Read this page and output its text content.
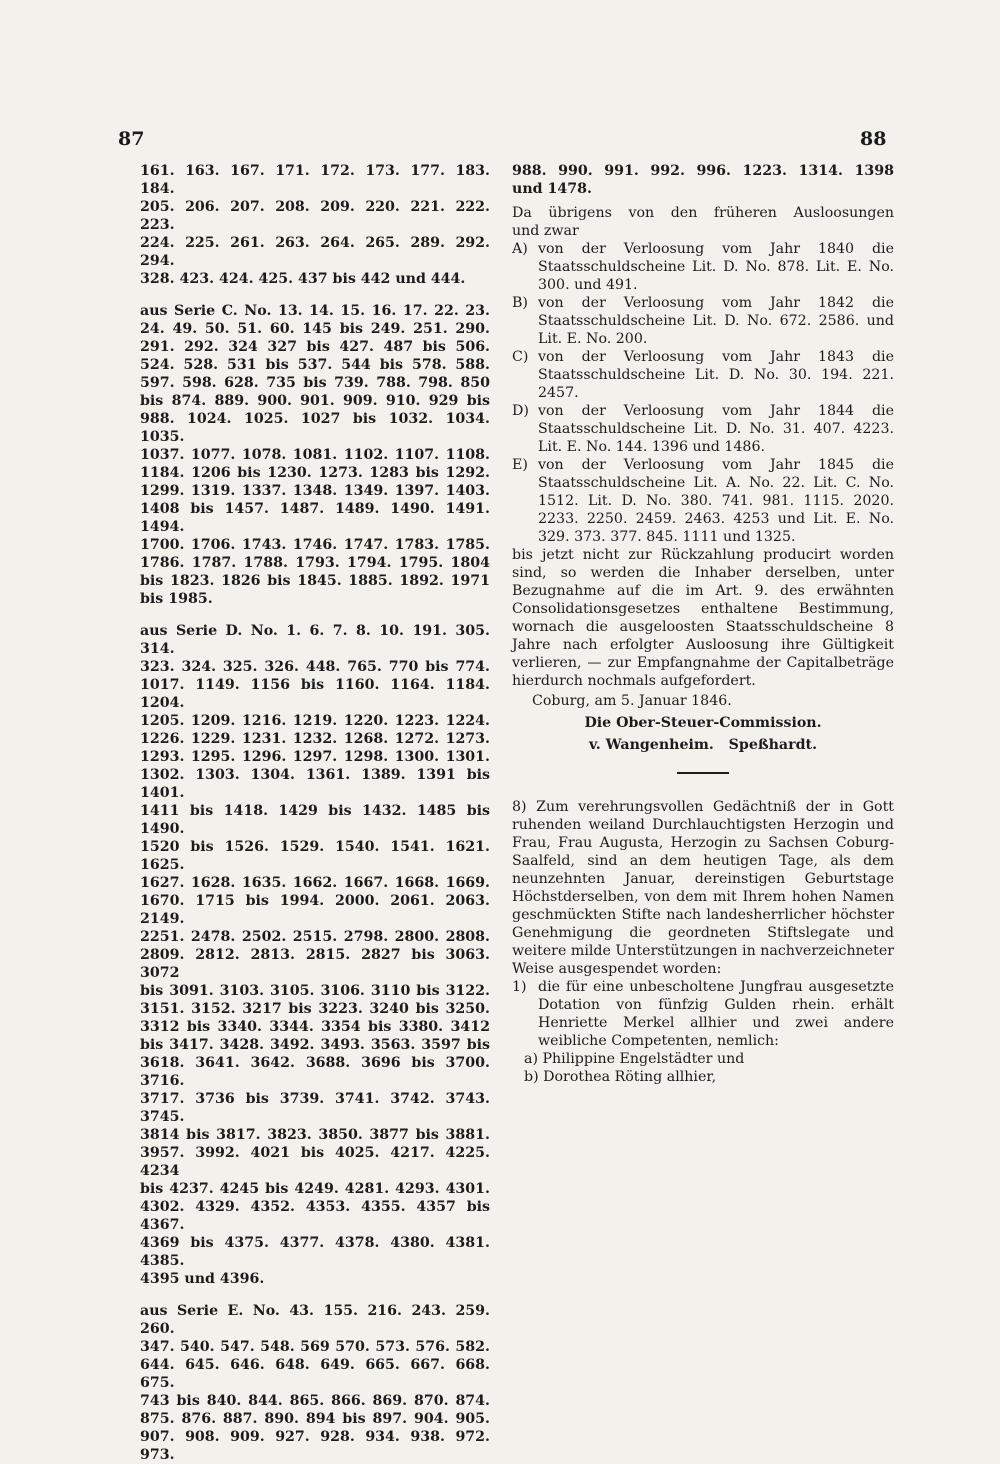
87	88
161. 163. 167. 171. 172. 173. 177. 183. 184.
205. 206. 207. 208. 209. 220. 221. 222. 223.
224. 225. 261. 263. 264. 265. 289. 292. 294.
328. 423. 424. 425. 437 bis 442 und 444.
aus Serie C. No. 13. 14. 15. 16. 17. 22. 23.
24. 49. 50. 51. 60. 145 bis 249. 251. 290.
291. 292. 324 327 bis 427. 487 bis 506.
524. 528. 531 bis 537. 544 bis 578. 588.
597. 598. 628. 735 bis 739. 788. 798. 850
bis 874. 889. 900. 901. 909. 910. 929 bis
988. 1024. 1025. 1027 bis 1032. 1034. 1035.
1037. 1077. 1078. 1081. 1102. 1107. 1108.
1184. 1206 bis 1230. 1273. 1283 bis 1292.
1299. 1319. 1337. 1348. 1349. 1397. 1403.
1408 bis 1457. 1487. 1489. 1490. 1491. 1494.
1700. 1706. 1743. 1746. 1747. 1783. 1785.
1786. 1787. 1788. 1793. 1794. 1795. 1804
bis 1823. 1826 bis 1845. 1885. 1892. 1971
bis 1985.
aus Serie D. No. 1. 6. 7. 8. 10. 191. 305. 314.
323. 324. 325. 326. 448. 765. 770 bis 774.
1017. 1149. 1156 bis 1160. 1164. 1184. 1204.
1205. 1209. 1216. 1219. 1220. 1223. 1224.
1226. 1229. 1231. 1232. 1268. 1272. 1273.
1293. 1295. 1296. 1297. 1298. 1300. 1301.
1302. 1303. 1304. 1361. 1389. 1391 bis 1401.
1411 bis 1418. 1429 bis 1432. 1485 bis 1490.
1520 bis 1526. 1529. 1540. 1541. 1621. 1625.
1627. 1628. 1635. 1662. 1667. 1668. 1669.
1670. 1715 bis 1994. 2000. 2061. 2063. 2149.
2251. 2478. 2502. 2515. 2798. 2800. 2808.
2809. 2812. 2813. 2815. 2827 bis 3063. 3072
bis 3091. 3103. 3105. 3106. 3110 bis 3122.
3151. 3152. 3217 bis 3223. 3240 bis 3250.
3312 bis 3340. 3344. 3354 bis 3380. 3412
bis 3417. 3428. 3492. 3493. 3563. 3597 bis
3618. 3641. 3642. 3688. 3696 bis 3700. 3716.
3717. 3736 bis 3739. 3741. 3742. 3743. 3745.
3814 bis 3817. 3823. 3850. 3877 bis 3881.
3957. 3992. 4021 bis 4025. 4217. 4225. 4234
bis 4237. 4245 bis 4249. 4281. 4293. 4301.
4302. 4329. 4352. 4353. 4355. 4357 bis 4367.
4369 bis 4375. 4377. 4378. 4380. 4381. 4385.
4395 und 4396.
aus Serie E. No. 43. 155. 216. 243. 259. 260.
347. 540. 547. 548. 569 570. 573. 576. 582.
644. 645. 646. 648. 649. 665. 667. 668. 675.
743 bis 840. 844. 865. 866. 869. 870. 874.
875. 876. 887. 890. 894 bis 897. 904. 905.
907. 908. 909. 927. 928. 934. 938. 972. 973.
988. 990. 991. 992. 996. 1223. 1314. 1398
und 1478.
Da übrigens von den früheren Ausloosungen
und zwar
A) von der Verloosung vom Jahr 1840 die Staatsschuldscheine Lit. D. No. 878. Lit. E. No. 300. und 491.
B) von der Verloosung vom Jahr 1842 die Staatsschuldscheine Lit. D. No. 672. 2586. und Lit. E. No. 200.
C) von der Verloosung vom Jahr 1843 die Staatsschuldscheine Lit. D. No. 30. 194. 221. 2457.
D) von der Verloosung vom Jahr 1844 die Staatsschuldscheine Lit. D. No. 31. 407. 4223. Lit. E. No. 144. 1396 und 1486.
E) von der Verloosung vom Jahr 1845 die Staatsschuldscheine Lit. A. No. 22. Lit. C. No. 1512. Lit. D. No. 380. 741. 981. 1115. 2020. 2233. 2250. 2459. 2463. 4253 und Lit. E. No. 329. 373. 377. 845. 1111 und 1325.
bis jetzt nicht zur Rückzahlung producirt worden sind, so werden die Inhaber derselben, unter Bezugnahme auf die im Art. 9. des erwähnten Consolidationsgesetzes enthaltene Bestimmung, wornach die ausgeloosten Staatsschuldscheine 8 Jahre nach erfolgter Ausloosung ihre Gültigkeit verlieren, — zur Empfangnahme der Capitalbeträge hierdurch nochmals aufgefordert.
Coburg, am 5. Januar 1846.
Die Ober-Steuer-Commission.
v. Wangenheim.   Speßhardt.
8) Zum verehrungsvollen Gedächtniß der in Gott ruhenden weiland Durchlauchtigsten Herzogin und Frau, Frau Augusta, Herzogin zu Sachsen Coburg-Saalfeld, sind an dem heutigen Tage, als dem neunzehnten Januar, dereinstigen Geburtstage Höchstderselben, von dem mit Ihrem hohen Namen geschmückten Stifte nach landesherrlicher höchster Genehmigung die geordneten Stiftslegate und weitere milde Unterstützungen in nachverzeichneter Weise ausgespendet worden:
1) die für eine unbescholtene Jungfrau ausgesetzte Dotation von fünfzig Gulden rhein. erhält Henriette Merkel allhier und zwei andere weibliche Competenten, nemlich:
a) Philippine Engelstädter und
b) Dorothea Röting allhier,
